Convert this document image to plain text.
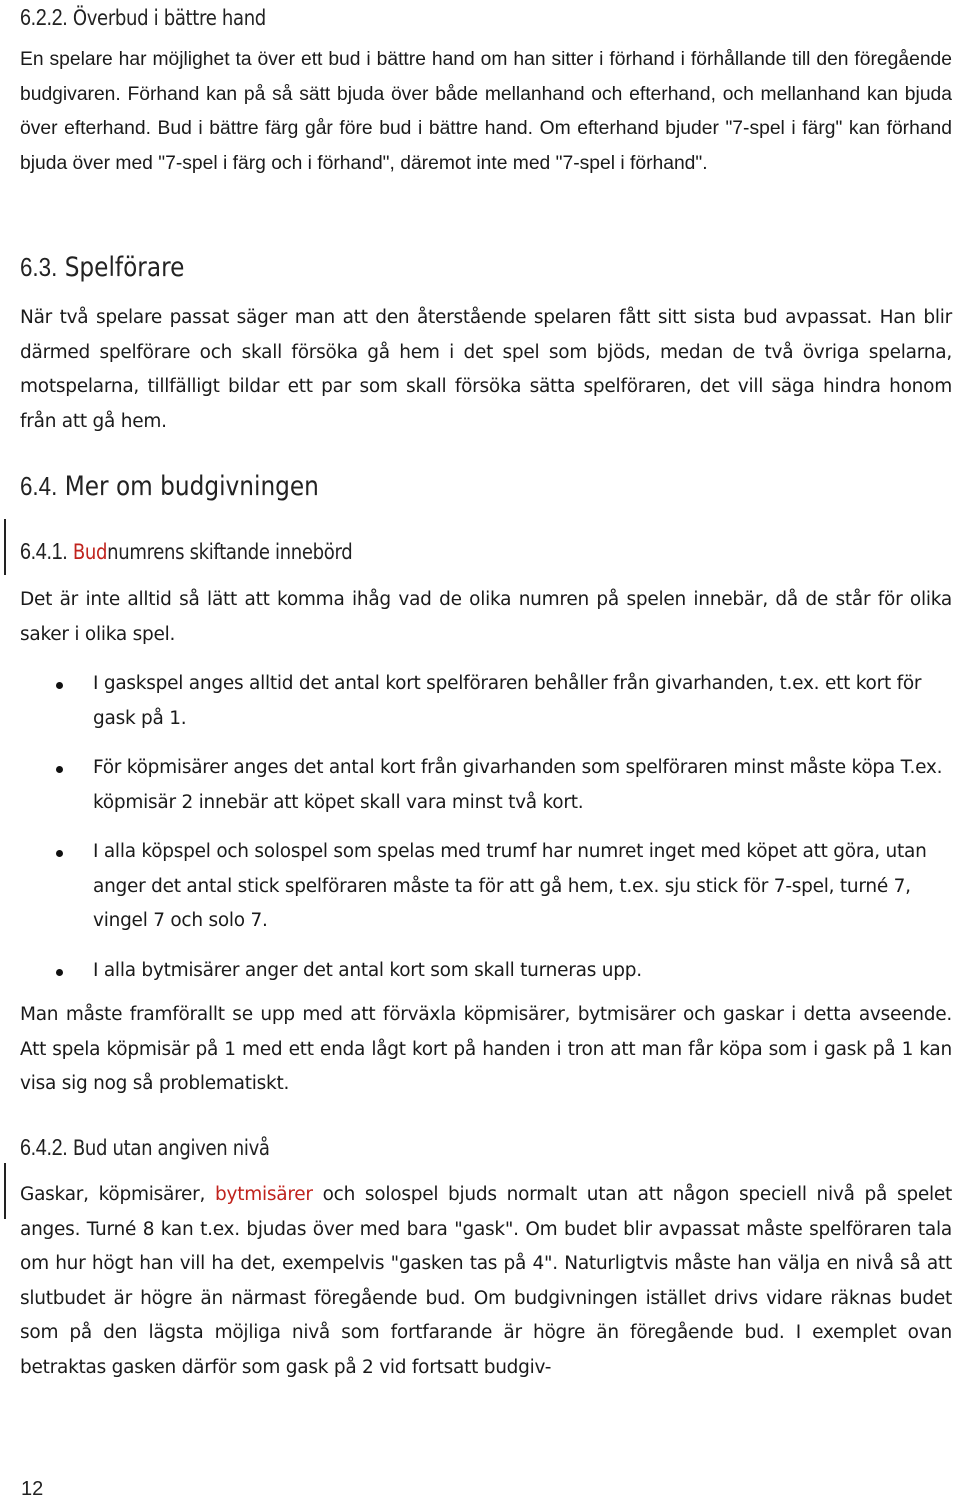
6.2.2. Överbud i bättre hand

En spelare har möjlighet ta över ett bud i bättre hand om han sitter i förhand i förhållande till den föregående budgivaren. Förhand kan på så sätt bjuda över både mellanhand och efterhand, och mellanhand kan bjuda över efterhand. Bud i bättre färg går före bud i bättre hand. Om efterhand bjuder "7-spel i färg" kan förhand bjuda över med "7-spel i färg och i förhand", däremot inte med "7-spel i förhand".

6.3. Spelförare

När två spelare passat säger man att den återstående spelaren fått sitt sista bud avpassat. Han blir därmed spelförare och skall försöka gå hem i det spel som bjöds, medan de två övriga spelarna, motspelarna, tillfälligt bildar ett par som skall försöka sätta spelföraren, det vill säga hindra honom från att gå hem.

6.4. Mer om budgivningen
6.4.1. Budnumrens skiftande innebörd

Det är inte alltid så lätt att komma ihåg vad de olika numren på spelen innebär, då de står för olika saker i olika spel.

I gaskspel anges alltid det antal kort spelföraren behåller från givarhanden, t.ex. ett kort för gask på 1.
För köpmisärer anges det antal kort från givarhanden som spelföraren minst måste köpa T.ex. köpmisär 2 innebär att köpet skall vara minst två kort.
I alla köpspel och solospel som spelas med trumf har numret inget med köpet att göra, utan anger det antal stick spelföraren måste ta för att gå hem, t.ex. sju stick för 7-spel, turné 7, vingel 7 och solo 7.
I alla bytmisärer anger det antal kort som skall turneras upp.

Man måste framförallt se upp med att förväxla köpmisärer, bytmisärer och gaskar i detta avseende. Att spela köpmisär på 1 med ett enda lågt kort på handen i tron att man får köpa som i gask på 1 kan visa sig nog så problematiskt.

6.4.2. Bud utan angiven nivå

Gaskar, köpmisärer, bytmisärer och solospel bjuds normalt utan att någon speciell nivå på spelet anges. Turné 8 kan t.ex. bjudas över med bara "gask". Om budet blir avpassat måste spelföraren tala om hur högt han vill ha det, exempelvis "gasken tas på 4". Naturligtvis måste han välja en nivå så att slutbudet är högre än närmast föregående bud. Om budgivningen istället drivs vidare räknas budet som på den lägsta möjliga nivå som fortfarande är högre än föregående bud. I exemplet ovan betraktas gasken därför som gask på 2 vid fortsatt budgiv-

12
